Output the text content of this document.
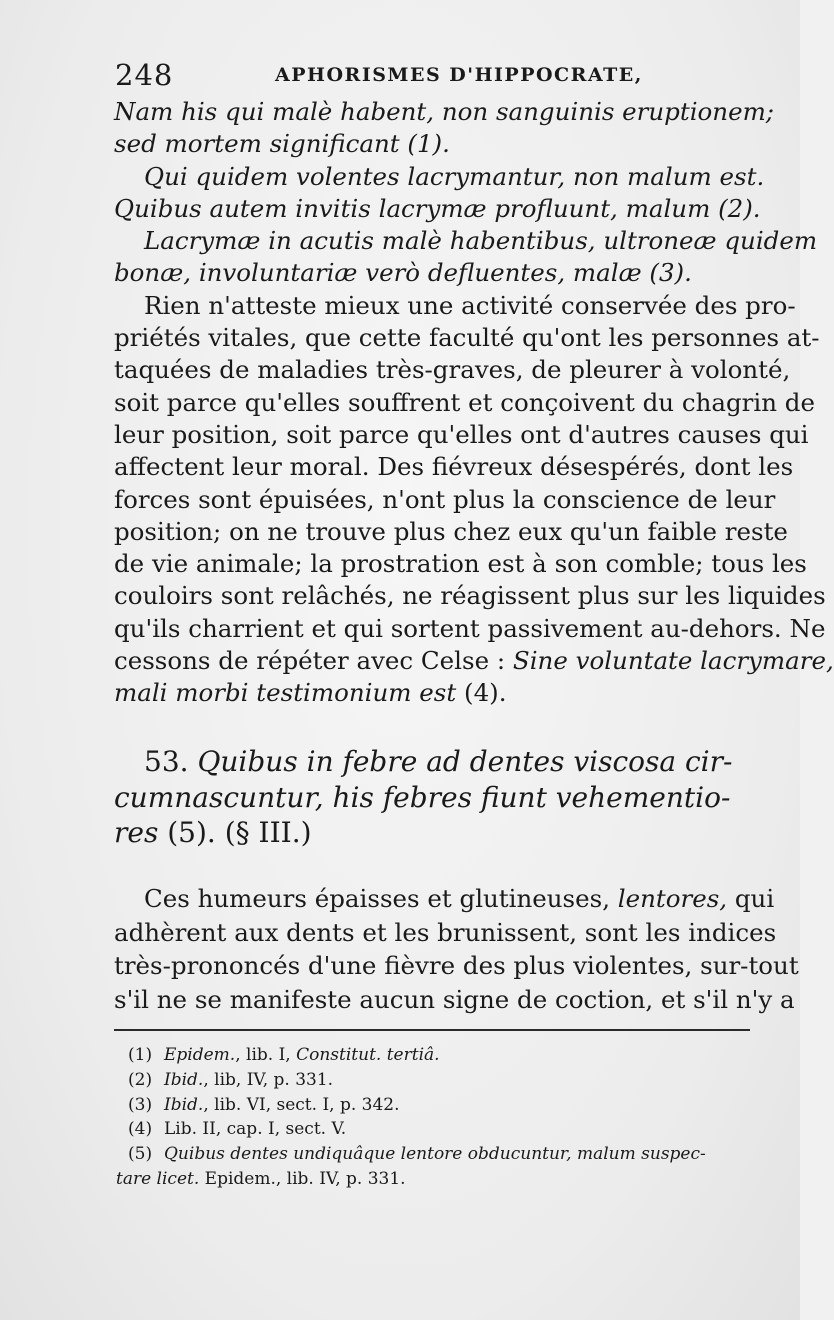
248	APHORISMES D'HIPPOCRATE,
Nam his qui malè habent, non sanguinis eruptionem;
sed mortem significant (1).
Qui quidem volentes lacrymantur, non malum est.
Quibus autem invitis lacrymæ profluunt, malum (2).
Lacrymæ in acutis malè habentibus, ultroneæ quidem
bonæ, involuntariæ verò defluentes, malæ (3).
Rien n'atteste mieux une activité conservée des pro-
priétés vitales, que cette faculté qu'ont les personnes at-
taquées de maladies très-graves, de pleurer à volonté,
soit parce qu'elles souffrent et conçoivent du chagrin de
leur position, soit parce qu'elles ont d'autres causes qui
affectent leur moral. Des fiévreux désespérés, dont les
forces sont épuisées, n'ont plus la conscience de leur
position; on ne trouve plus chez eux qu'un faible reste
de vie animale; la prostration est à son comble; tous les
couloirs sont relâchés, ne réagissent plus sur les liquides
qu'ils charrient et qui sortent passivement au-dehors. Ne
cessons de répéter avec Celse : Sine voluntate lacrymare,
mali morbi testimonium est (4).
53. Quibus in febre ad dentes viscosa cir-
cumnascuntur, his febres fiunt vehementio-
res (5). (§ III.)
Ces humeurs épaisses et glutineuses, lentores, qui
adhèrent aux dents et les brunissent, sont les indices
très-prononcés d'une fièvre des plus violentes, sur-tout
s'il ne se manifeste aucun signe de coction, et s'il n'y a
(1) Epidem., lib. I, Constitut. tertiâ.
(2) Ibid., lib, IV, p. 331.
(3) Ibid., lib. VI, sect. I, p. 342.
(4) Lib. II, cap. I, sect. V.
(5) Quibus dentes undiquâque lentore obducuntur, malum suspec-
tare licet. Epidem., lib. IV, p. 331.
